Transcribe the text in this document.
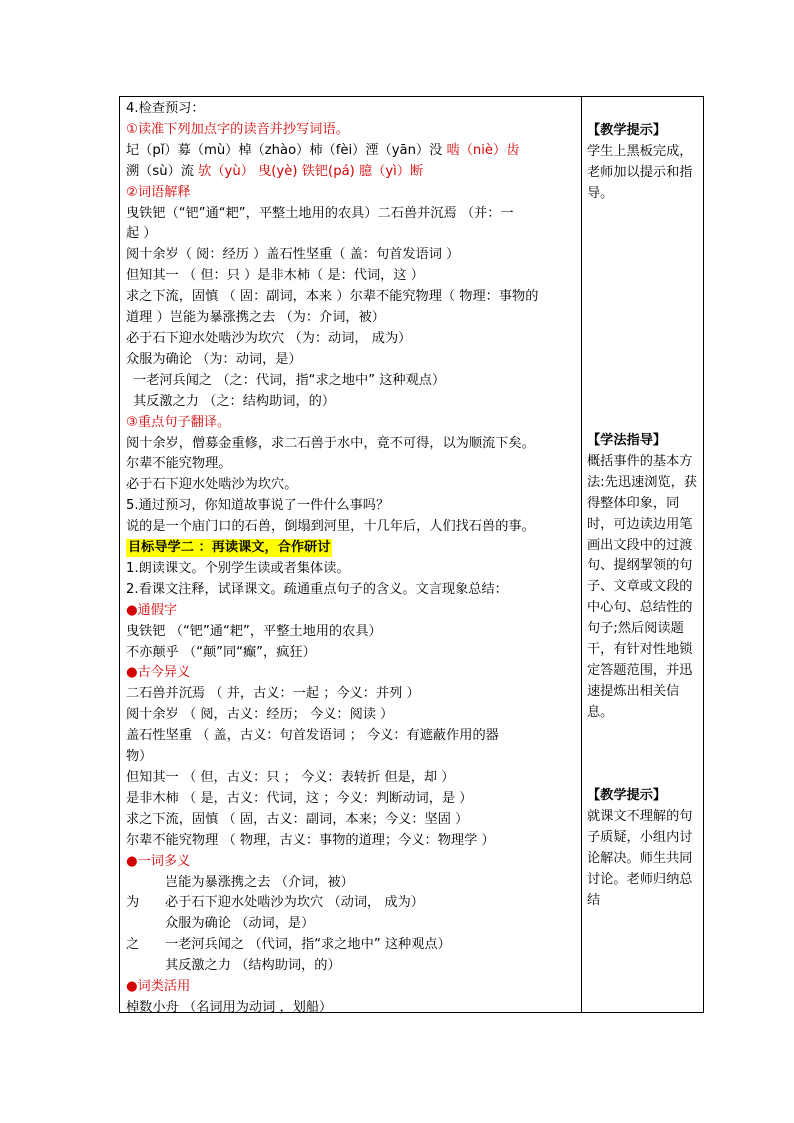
4.检查预习：
①读准下列加点字的读音并抄写词语。
圮（pǐ）募（mù）棹（zhào）柿（fèi）湮（yān）没 啮（niè）齿
溯（sù）流 欤（yù） 曳(yè) 铁钯(pá) 臆（yì）断
②词语解释
曳铁钯（“钯”通“耙”，平整土地用的农具）二石兽并沉焉 （并：一
起 ）
阅十余岁（ 阅：经历 ）盖石性坚重（ 盖：句首发语词 ）
但知其一 （ 但：只 ）是非木柿（ 是：代词，这 ）
求之下流，固慎 （ 固：副词，本来 ）尔辈不能究物理（ 物理：事物的
道理 ）岂能为暴涨携之去 （为：介词，被）
必于石下迎水处啮沙为坎穴 （为：动词， 成为）
众服为确论 （为：动词，是）
一老河兵闻之 （之：代词，指“求之地中” 这种观点）
其反激之力 （之：结构助词，的）
③重点句子翻译。
阅十余岁，僧募金重修，求二石兽于水中，竟不可得，以为顺流下矣。
尔辈不能究物理。
必于石下迎水处啮沙为坎穴。
5.通过预习，你知道故事说了一件什么事吗？
说的是一个庙门口的石兽，倒塌到河里，十几年后，人们找石兽的事。
目标导学二 ：再读课文，合作研讨
1.朗读课文。个别学生读或者集体读。
2.看课文注释，试译课文。疏通重点句子的含义。文言现象总结：
●通假字
曳铁钯 （“钯”通“耙”，平整土地用的农具）
不亦颠乎 （“颠”同“癫”，疯狂）
●古今异义
二石兽并沉焉 （ 并，古义：一起 ；今义：并列 ）
阅十余岁 （ 阅，古义：经历； 今义：阅读 ）
盖石性坚重 （ 盖，古义：句首发语词 ； 今义：有遮蔽作用的器
物）
但知其一 （ 但，古义：只 ； 今义：表转折 但是，却 ）
是非木柿 （ 是，古义：代词，这 ；今义：判断动词，是 ）
求之下流，固慎 （ 固，古义：副词，本来；今义：坚固 ）
尔辈不能究物理 （ 物理，古义：事物的道理；今义：物理学 ）
●一词多义
岂能为暴涨携之去 （介词，被）
为 必于石下迎水处啮沙为坎穴 （动词， 成为）
众服为确论 （动词，是）
之 一老河兵闻之 （代词，指“求之地中” 这种观点）
其反激之力 （结构助词，的）
●词类活用
棹数小舟 （名词用为动词 ，划船）
【教学提示】
学生上黑板完成，老师加以提示和指导。
【学法指导】
概括事件的基本方法:先迅速浏览，获得整体印象，同时，可边读边用笔画出文段中的过渡句、提纲挈领的句子、文章或文段的中心句、总结性的句子;然后阅读题干，有针对性地锁定答题范围，并迅速提炼出相关信息。
【教学提示】
就课文不理解的句子质疑，小组内讨论解决。师生共同讨论。老师归纳总结
